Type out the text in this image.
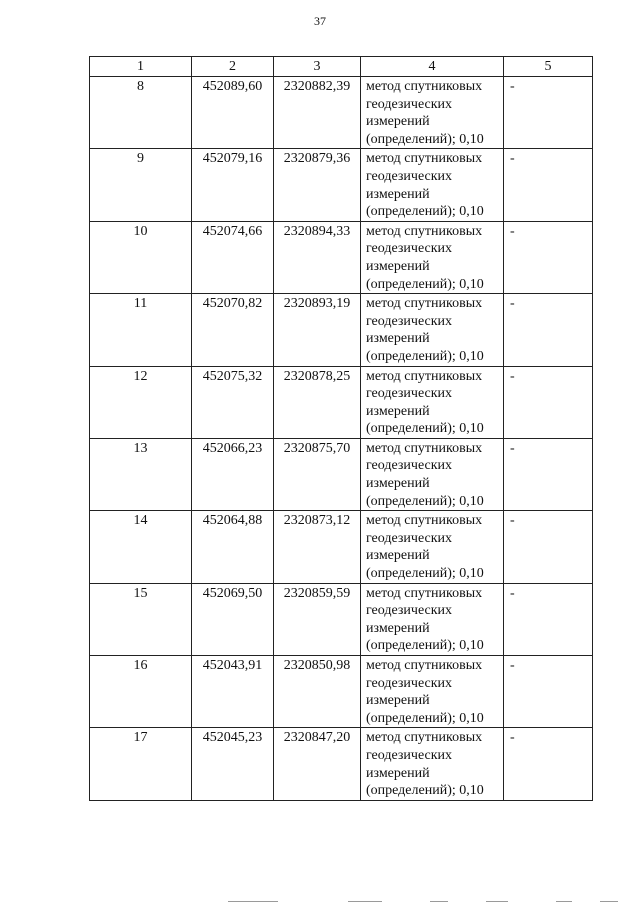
37
1	2	3	4	5
8	452089,60	2320882,39	метод спутниковых
геодезических
измерений
(определений); 0,10	-
9	452079,16	2320879,36	метод спутниковых
геодезических
измерений
(определений); 0,10	-
10	452074,66	2320894,33	метод спутниковых
геодезических
измерений
(определений); 0,10	-
11	452070,82	2320893,19	метод спутниковых
геодезических
измерений
(определений); 0,10	-
12	452075,32	2320878,25	метод спутниковых
геодезических
измерений
(определений); 0,10	-
13	452066,23	2320875,70	метод спутниковых
геодезических
измерений
(определений); 0,10	-
14	452064,88	2320873,12	метод спутниковых
геодезических
измерений
(определений); 0,10	-
15	452069,50	2320859,59	метод спутниковых
геодезических
измерений
(определений); 0,10	-
16	452043,91	2320850,98	метод спутниковых
геодезических
измерений
(определений); 0,10	-
17	452045,23	2320847,20	метод спутниковых
геодезических
измерений
(определений); 0,10	-
